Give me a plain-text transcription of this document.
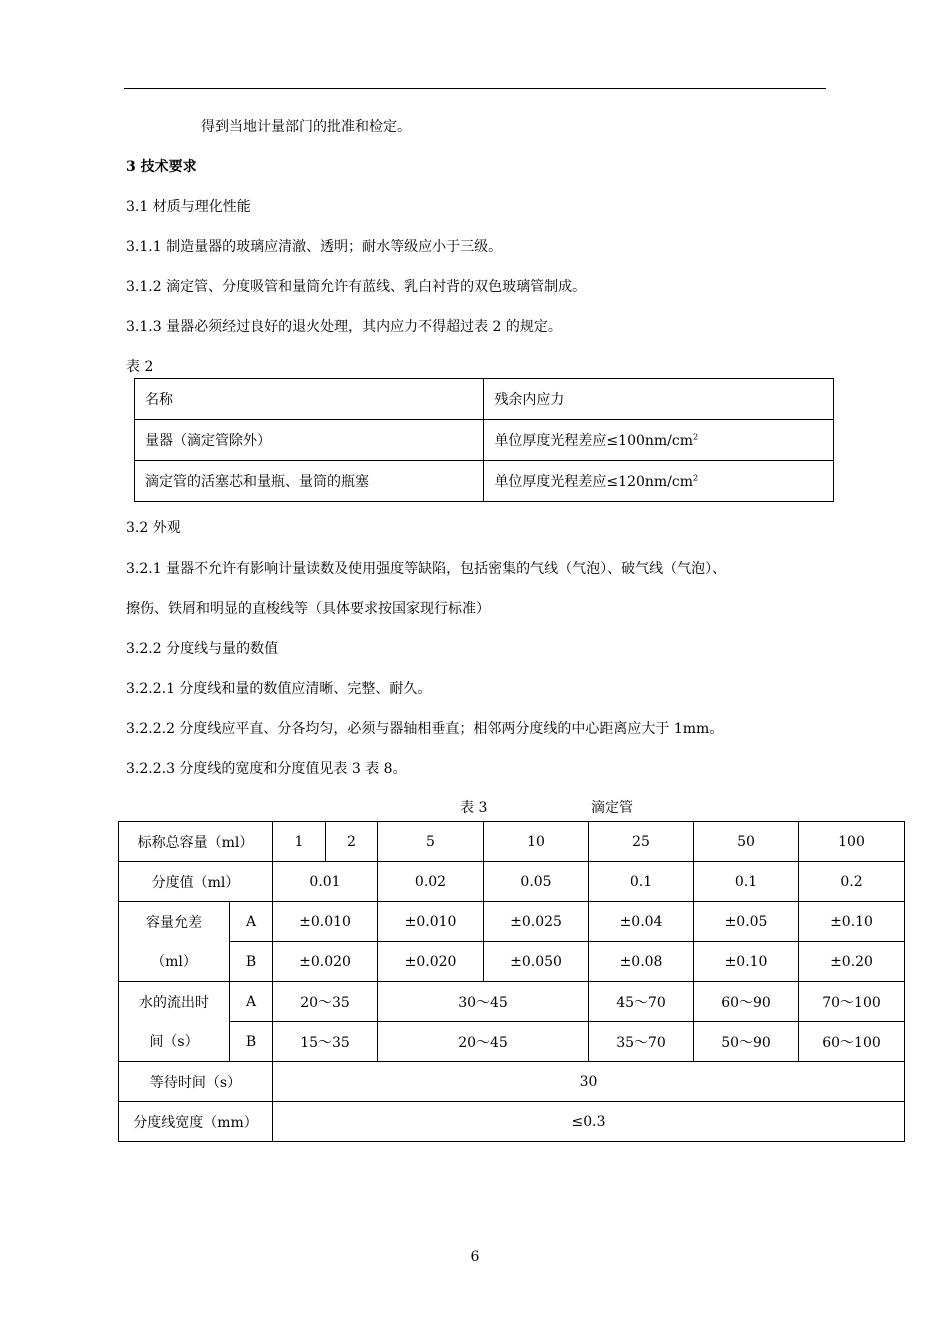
得到当地计量部门的批准和检定。
3 技术要求
3.1 材质与理化性能
3.1.1 制造量器的玻璃应清澈、透明；耐水等级应小于三级。
3.1.2 滴定管、分度吸管和量筒允许有蓝线、乳白衬背的双色玻璃管制成。
3.1.3 量器必须经过良好的退火处理，其内应力不得超过表 2 的规定。
表 2
名称	残余内应力
量器（滴定管除外）	单位厚度光程差应$\le 100nm/cm^2$
滴定管的活塞芯和量瓶、量筒的瓶塞	单位厚度光程差应$\le 120nm/cm^2$
3.2 外观
3.2.1 量器不允许有影响计量读数及使用强度等缺陷，包括密集的气线（气泡）、破气线（气泡）、
擦伤、铁屑和明显的直梭线等（具体要求按国家现行标准）
3.2.2 分度线与量的数值
3.2.2.1 分度线和量的数值应清晰、完整、耐久。
3.2.2.2 分度线应平直、分各均匀，必须与器轴相垂直；相邻两分度线的中心距离应大于 1mm。
3.2.2.3 分度线的宽度和分度值见表 3 表 8。
表 3	滴定管
标称总容量（ml）		1	2	5	10	25	50	100
分度值（ml）		0.01		0.02	0.05	0.1	0.1	0.2
容量允差	A	±0.010		±0.010	±0.025	±0.04	±0.05	±0.10
（ml）	B	±0.020		±0.020	±0.050	±0.08	±0.10	±0.20
水的流出时	A	20～35		30～45		45～70	60～90	70～100
间（s）	B	15～35		20～45		35～70	50～90	60～100
等待时间（s）		30						
分度线宽度（mm）		≤0.3						
6
